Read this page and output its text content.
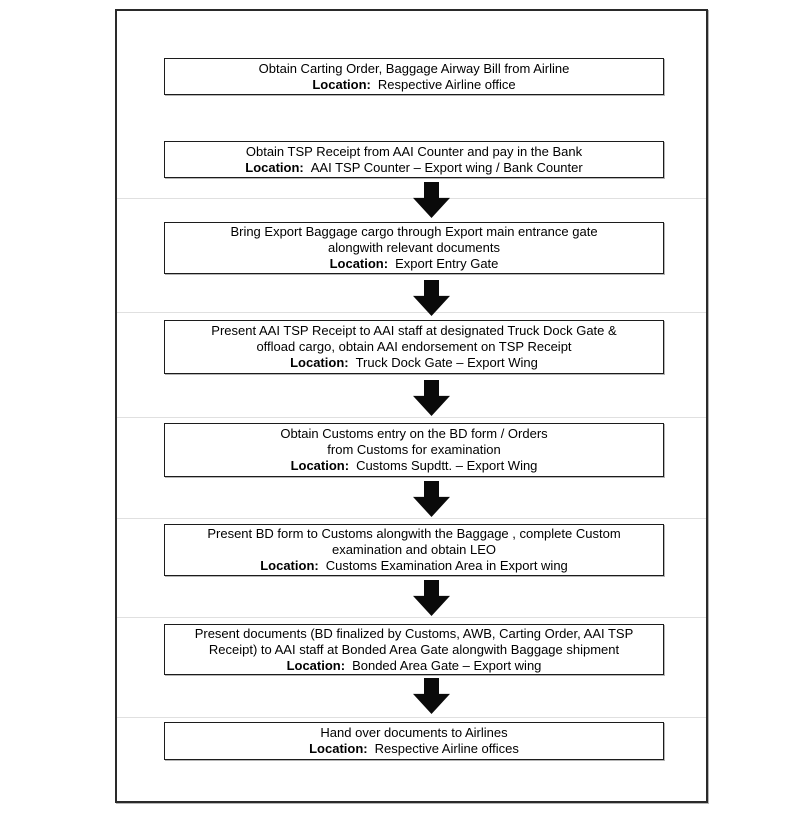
Obtain Carting Order, Baggage Airway Bill from Airline
Location: Respective Airline office
Obtain TSP Receipt from AAI Counter and pay in the Bank
Location: AAI TSP Counter – Export wing / Bank Counter
Bring Export Baggage cargo through Export main entrance gate
alongwith relevant documents
Location: Export Entry Gate
Present AAI TSP Receipt to AAI staff at designated Truck Dock Gate &
offload cargo, obtain AAI endorsement on TSP Receipt
Location: Truck Dock Gate – Export Wing
Obtain Customs entry on the BD form / Orders
from Customs for examination
Location: Customs Supdtt. – Export Wing
Present BD form to Customs alongwith the Baggage , complete Custom
examination and obtain LEO
Location: Customs Examination Area in Export wing
Present documents (BD finalized by Customs, AWB, Carting Order, AAI TSP
Receipt) to AAI staff at Bonded Area Gate alongwith Baggage shipment
Location: Bonded Area Gate – Export wing
Hand over documents to Airlines
Location: Respective Airline offices
